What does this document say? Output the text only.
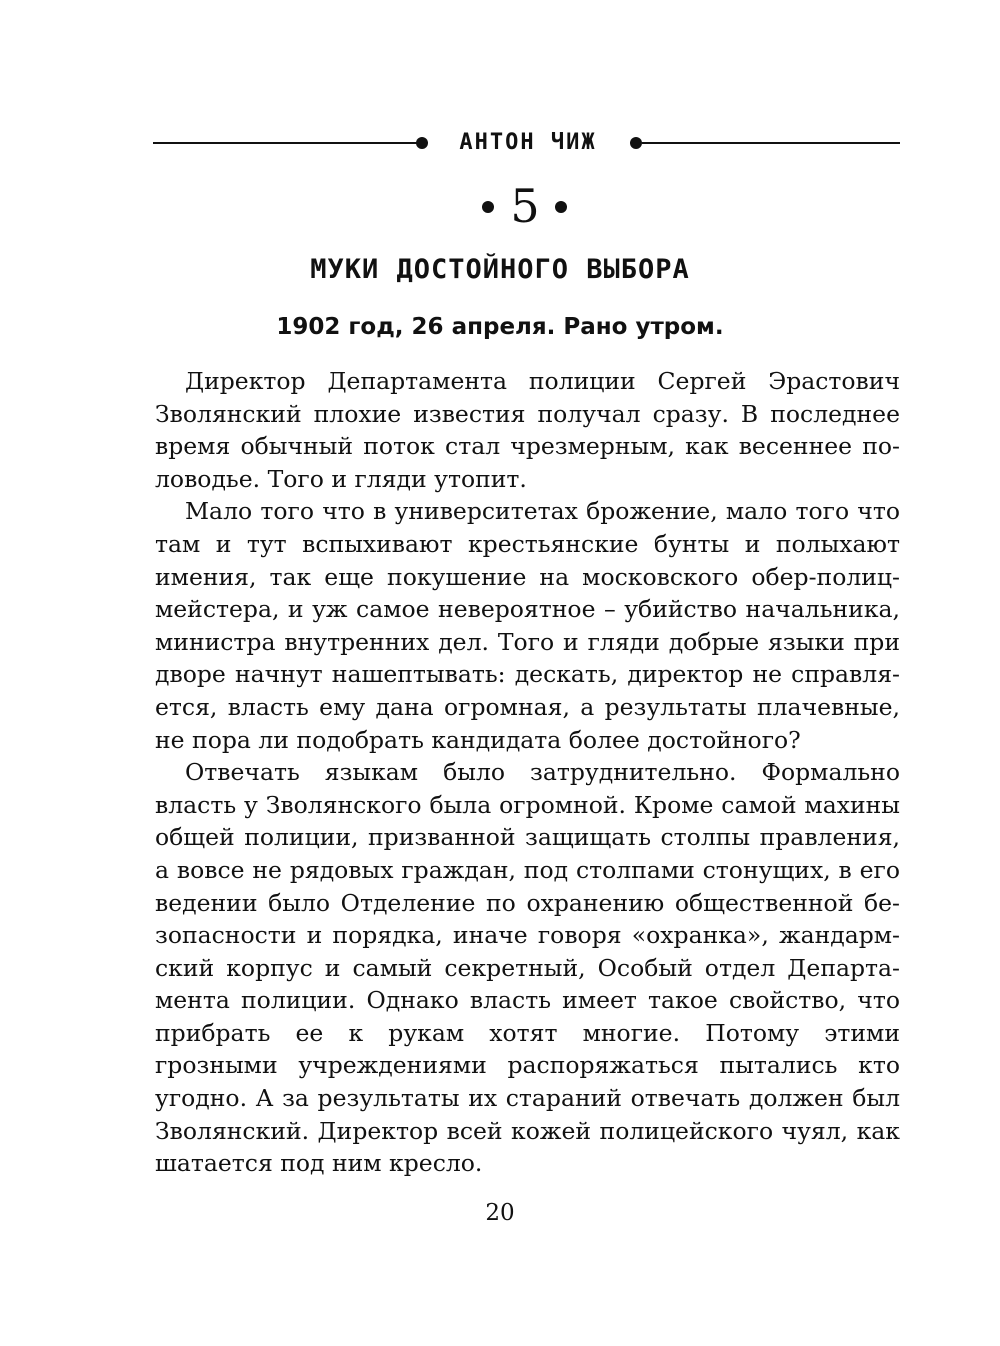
АНТОН ЧИЖ
5
МУКИ ДОСТОЙНОГО ВЫБОРА
1902 год, 26 апреля. Рано утром.

Директор Департамента полиции Сергей Эрастович Зволянский плохие известия получал сразу. В последнее время обычный поток стал чрезмерным, как весеннее половодье. Того и гляди утопит.

Мало того что в университетах брожение, мало того что там и тут вспыхивают крестьянские бунты и полыхают имения, так еще покушение на московского обер-полицмейстера, и уж самое невероятное – убийство начальника, министра внутренних дел. Того и гляди добрые языки при дворе начнут нашептывать: дескать, директор не справляется, власть ему дана огромная, а результаты плачевные, не пора ли подобрать кандидата более достойного?

Отвечать языкам было затруднительно. Формально власть у Зволянского была огромной. Кроме самой махины общей полиции, призванной защищать столпы правления, а вовсе не рядовых граждан, под столпами стонущих, в его ведении было Отделение по охранению общественной безопасности и порядка, иначе говоря «охранка», жандармский корпус и самый секретный, Особый отдел Департамента полиции. Однако власть имеет такое свойство, что прибрать ее к рукам хотят многие. Потому этими грозными учреждениями распоряжаться пытались кто угодно. А за результаты их стараний отвечать должен был Зволянский. Директор всей кожей полицейского чуял, как шатается под ним кресло.

20
